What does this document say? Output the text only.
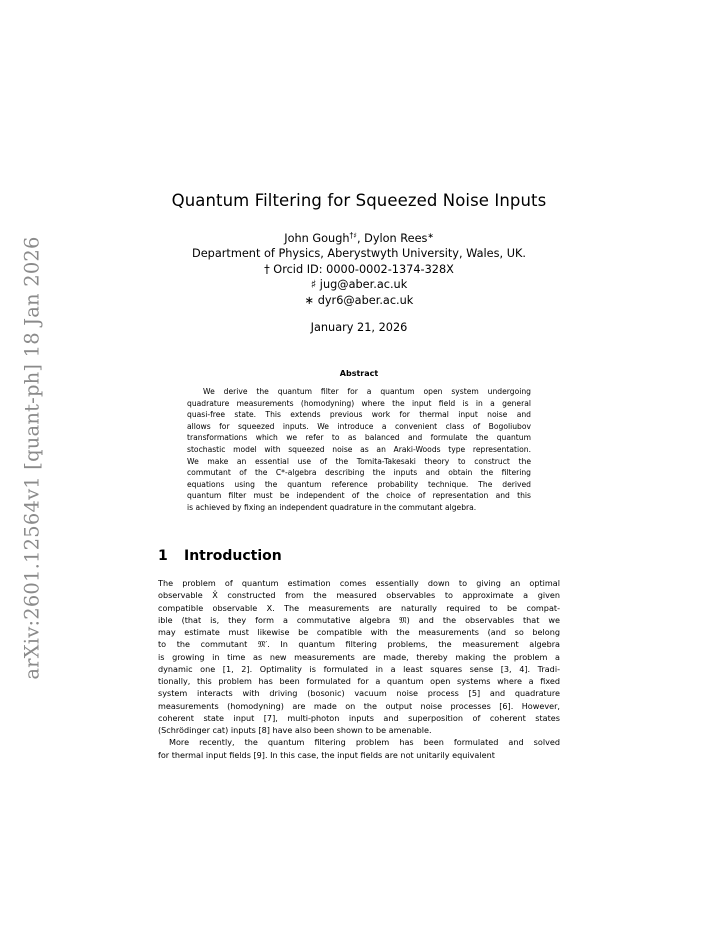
arXiv:2601.12564v1 [quant-ph] 18 Jan 2026
Quantum Filtering for Squeezed Noise Inputs
John Gough†♯, Dylon Rees∗
Department of Physics, Aberystwyth University, Wales, UK.
† Orcid ID: 0000-0002-1374-328X
♯ jug@aber.ac.uk
∗ dyr6@aber.ac.uk
January 21, 2026
Abstract
We derive the quantum filter for a quantum open system undergoing
quadrature measurements (homodyning) where the input field is in a general
quasi-free state. This extends previous work for thermal input noise and
allows for squeezed inputs. We introduce a convenient class of Bogoliubov
transformations which we refer to as balanced and formulate the quantum
stochastic model with squeezed noise as an Araki-Woods type representation.
We make an essential use of the Tomita-Takesaki theory to construct the
commutant of the C*-algebra describing the inputs and obtain the filtering
equations using the quantum reference probability technique. The derived
quantum filter must be independent of the choice of representation and this
is achieved by fixing an independent quadrature in the commutant algebra.
1 Introduction
The problem of quantum estimation comes essentially down to giving an optimal
observable X̂ constructed from the measured observables to approximate a given
compatible observable X. The measurements are naturally required to be compat-
ible (that is, they form a commutative algebra 𝔐) and the observables that we
may estimate must likewise be compatible with the measurements (and so belong
to the commutant 𝔐′. In quantum filtering problems, the measurement algebra
is growing in time as new measurements are made, thereby making the problem a
dynamic one [1, 2]. Optimality is formulated in a least squares sense [3, 4]. Tradi-
tionally, this problem has been formulated for a quantum open systems where a fixed
system interacts with driving (bosonic) vacuum noise process [5] and quadrature
measurements (homodyning) are made on the output noise processes [6]. However,
coherent state input [7], multi-photon inputs and superposition of coherent states
(Schrödinger cat) inputs [8] have also been shown to be amenable.
More recently, the quantum filtering problem has been formulated and solved
for thermal input fields [9]. In this case, the input fields are not unitarily equivalent
